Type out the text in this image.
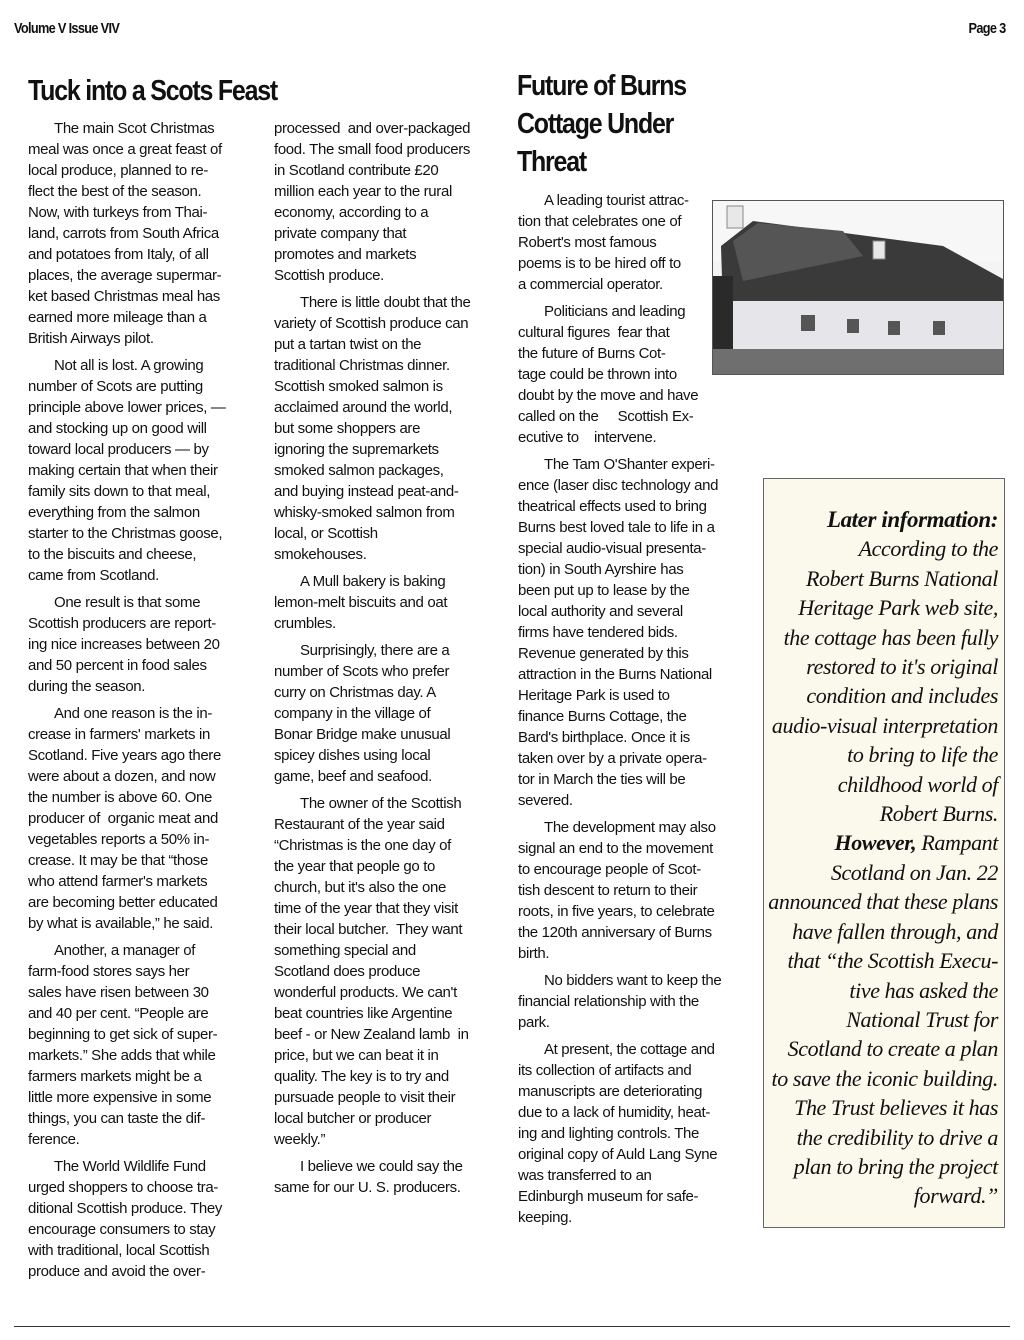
Volume V Issue VIV	Page 3
Tuck into a Scots Feast

The main Scot Christmas
meal was once a great feast of
local produce, planned to re-
flect the best of the season.
Now, with turkeys from Thai-
land, carrots from South Africa
and potatoes from Italy, of all
places, the average supermar-
ket based Christmas meal has
earned more mileage than a
British Airways pilot.

Not all is lost. A growing
number of Scots are putting
principle above lower prices, —
and stocking up on good will
toward local producers — by
making certain that when their
family sits down to that meal,
everything from the salmon
starter to the Christmas goose,
to the biscuits and cheese,
came from Scotland.

One result is that some
Scottish producers are report-
ing nice increases between 20
and 50 percent in food sales
during the season.

And one reason is the in-
crease in farmers' markets in
Scotland. Five years ago there
were about a dozen, and now
the number is above 60. One
producer of  organic meat and
vegetables reports a 50% in-
crease. It may be that “those
who attend farmer's markets
are becoming better educated
by what is available,” he said.

Another, a manager of
farm-food stores says her
sales have risen between 30
and 40 per cent. “People are
beginning to get sick of super-
markets.” She adds that while
farmers markets might be a
little more expensive in some
things, you can taste the dif-
ference.

The World Wildlife Fund
urged shoppers to choose tra-
ditional Scottish produce. They
encourage consumers to stay
with traditional, local Scottish
produce and avoid the over-

processed  and over-packaged
food. The small food producers
in Scotland contribute £20
million each year to the rural
economy, according to a
private company that
promotes and markets
Scottish produce.

There is little doubt that the
variety of Scottish produce can
put a tartan twist on the
traditional Christmas dinner.
Scottish smoked salmon is
acclaimed around the world,
but some shoppers are
ignoring the supremarkets
smoked salmon packages,
and buying instead peat-and-
whisky-smoked salmon from
local, or Scottish
smokehouses.

A Mull bakery is baking
lemon-melt biscuits and oat
crumbles.

Surprisingly, there are a
number of Scots who prefer
curry on Christmas day. A
company in the village of
Bonar Bridge make unusual
spicey dishes using local
game, beef and seafood.

The owner of the Scottish
Restaurant of the year said
“Christmas is the one day of
the year that people go to
church, but it's also the one
time of the year that they visit
their local butcher.  They want
something special and
Scotland does produce
wonderful products. We can't
beat countries like Argentine
beef - or New Zealand lamb  in
price, but we can beat it in
quality. The key is to try and
pursuade people to visit their
local butcher or producer
weekly.”

I believe we could say the
same for our U. S. producers.

Future of Burns
Cottage Under
Threat

A leading tourist attrac-
tion that celebrates one of
Robert's most famous
poems is to be hired off to
a commercial operator.

Politicians and leading
cultural figures  fear that
the future of Burns Cot-
tage could be thrown into
doubt by the move and have
called on the     Scottish Ex-
ecutive to    intervene.

The Tam O'Shanter experi-
ence (laser disc technology and
theatrical effects used to bring
Burns best loved tale to life in a
special audio-visual presenta-
tion) in South Ayrshire has
been put up to lease by the
local authority and several
firms have tendered bids.
Revenue generated by this
attraction in the Burns National
Heritage Park is used to
finance Burns Cottage, the
Bard's birthplace. Once it is
taken over by a private opera-
tor in March the ties will be
severed.

The development may also
signal an end to the movement
to encourage people of Scot-
tish descent to return to their
roots, in five years, to celebrate
the 120th anniversary of Burns
birth.

No bidders want to keep the
financial relationship with the
park.

At present, the cottage and
its collection of artifacts and
manuscripts are deteriorating
due to a lack of humidity, heat-
ing and lighting controls. The
original copy of Auld Lang Syne
was transferred to an
Edinburgh museum for safe-
keeping.

Later information:
According to the
Robert Burns National
Heritage Park web site,
the cottage has been fully
restored to it's original
condition and includes
audio-visual interpretation
to bring to life the
childhood world of
Robert Burns.
However, Rampant
Scotland on Jan. 22
announced that these plans
have fallen through, and
that “the Scottish Execu-
tive has asked the
National Trust for
Scotland to create a plan
to save the iconic building.
The Trust believes it has
the credibility to drive a
plan to bring the project
forward.”
